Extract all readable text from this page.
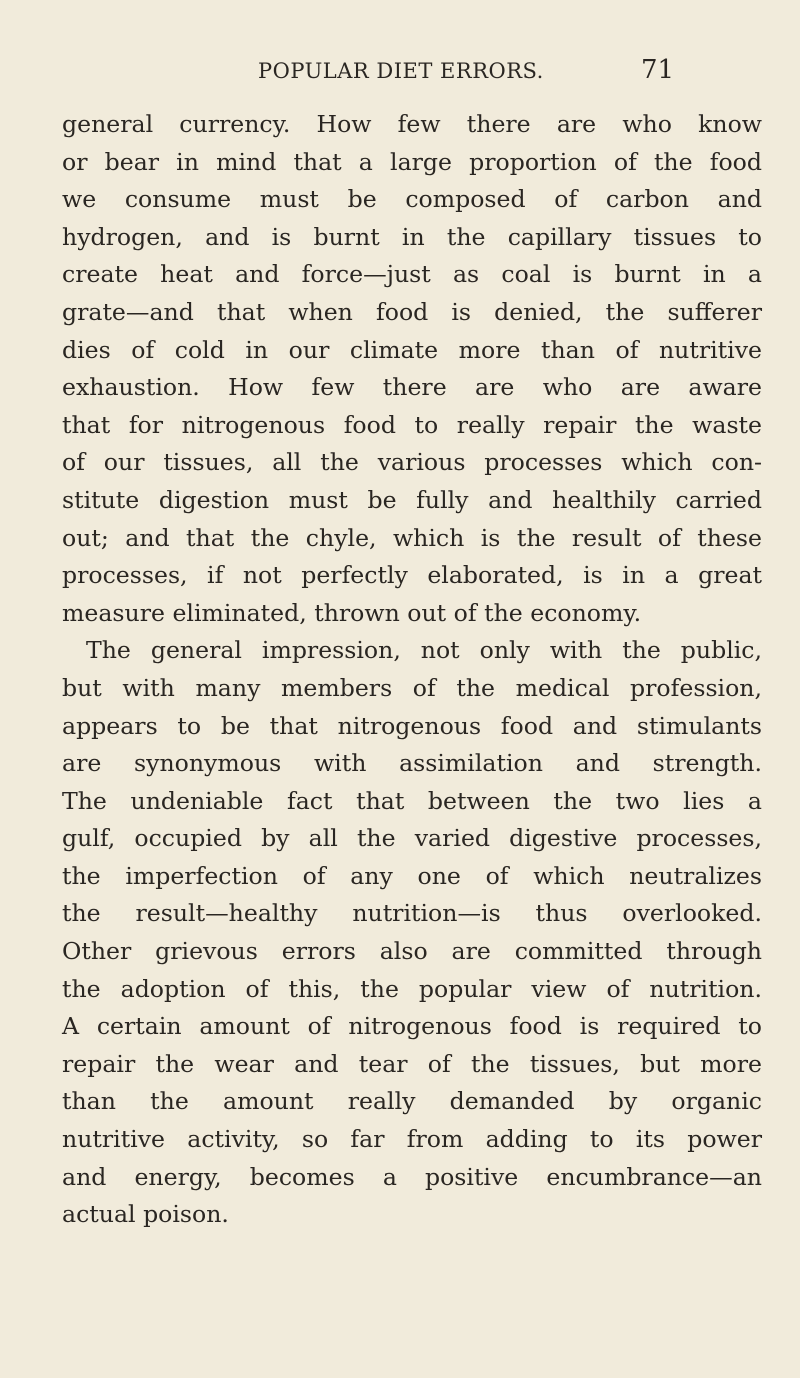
POPULAR DIET ERRORS.	71
general currency. How few there are who know
or bear in mind that a large proportion of the food
we consume must be composed of carbon and
hydrogen, and is burnt in the capillary tissues to
create heat and force—just as coal is burnt in a
grate—and that when food is denied, the sufferer
dies of cold in our climate more than of nutritive
exhaustion. How few there are who are aware
that for nitrogenous food to really repair the waste
of our tissues, all the various processes which con-
stitute digestion must be fully and healthily carried
out; and that the chyle, which is the result of these
processes, if not perfectly elaborated, is in a great
measure eliminated, thrown out of the economy.
The general impression, not only with the public,
but with many members of the medical profession,
appears to be that nitrogenous food and stimulants
are synonymous with assimilation and strength.
The undeniable fact that between the two lies a
gulf, occupied by all the varied digestive processes,
the imperfection of any one of which neutralizes
the result—healthy nutrition—is thus overlooked.
Other grievous errors also are committed through
the adoption of this, the popular view of nutrition.
A certain amount of nitrogenous food is required to
repair the wear and tear of the tissues, but more
than the amount really demanded by organic
nutritive activity, so far from adding to its power
and energy, becomes a positive encumbrance—an
actual poison.
